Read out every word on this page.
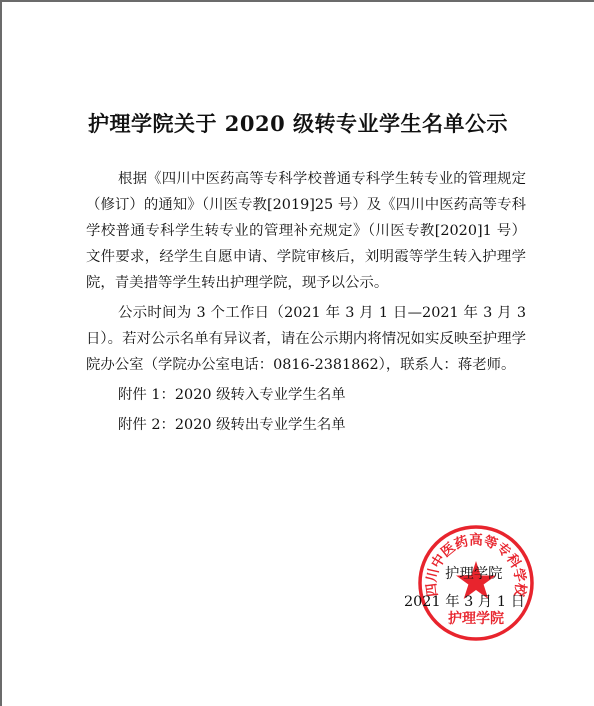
护理学院关于 2020 级转专业学生名单公示

根据《四川中医药高等专科学校普通专科学生转专业的管理规定（修订）的通知》（川医专教[2019]25 号）及《四川中医药高等专科学校普通专科学生转专业的管理补充规定》（川医专教[2020]1 号）文件要求，经学生自愿申请、学院审核后，刘明霞等学生转入护理学院，青美措等学生转出护理学院，现予以公示。

公示时间为 3 个工作日（2021 年 3 月 1 日—2021 年 3 月 3 日）。若对公示名单有异议者，请在公示期内将情况如实反映至护理学院办公室（学院办公室电话：0816-2381862），联系人：蒋老师。

附件 1：2020 级转入专业学生名单

附件 2：2020 级转出专业学生名单

四川中医药高等专科学校
护理学院
护理学院
2021 年 3 月 1 日
